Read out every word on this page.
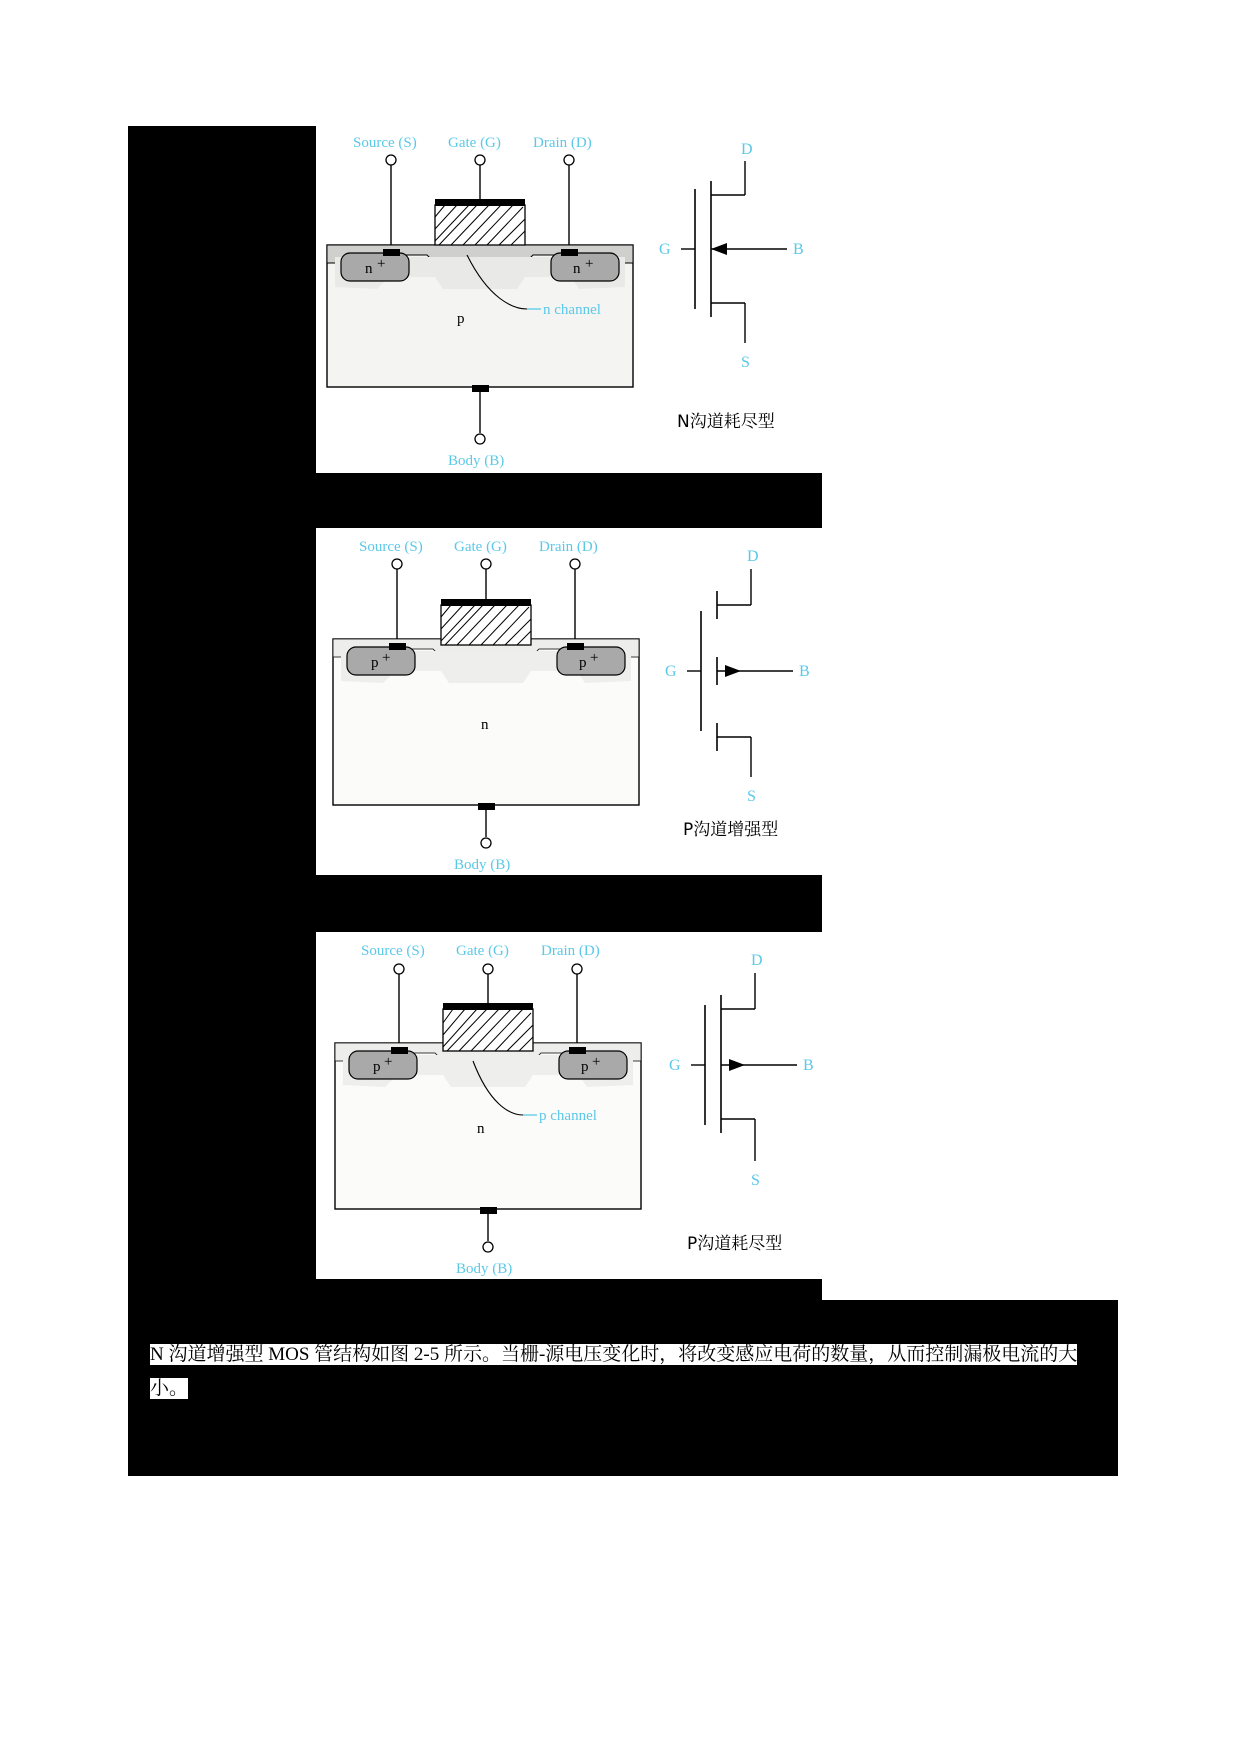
Source (S) Gate (G) Drain (D)
n +	n +
p
n channel
Body (B)
D
S
B
G
N沟道耗尽型
Source (S) Gate (G) Drain (D)
p +	p +
n
Body (B)
D
S
B
G
P沟道增强型
Source (S) Gate (G) Drain (D)
p +	p +
n
p channel
Body (B)
D
S
B
G
P沟道耗尽型
N 沟道增强型 MOS 管结构如图 2-5 所示。当栅-源电压变化时，将改变感应电荷的数量，从而控制漏极电流的大小。
